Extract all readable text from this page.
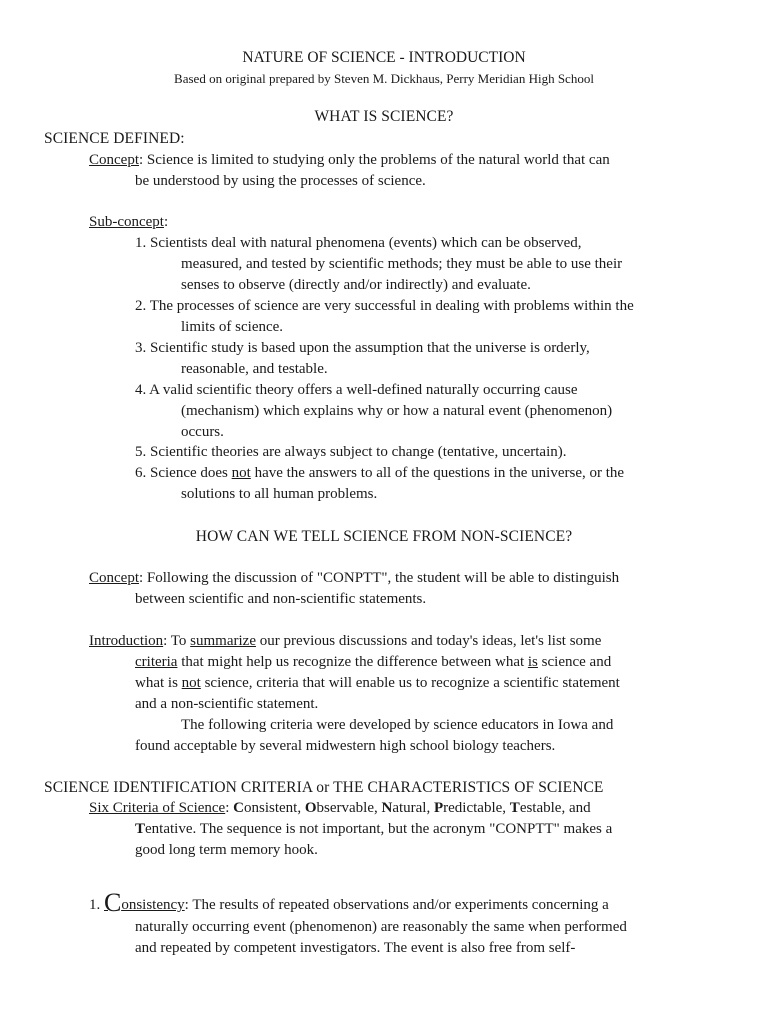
NATURE OF SCIENCE - INTRODUCTION
Based on original prepared by Steven M. Dickhaus, Perry Meridian High School
WHAT IS SCIENCE?
SCIENCE DEFINED:
Concept: Science is limited to studying only the problems of the natural world that can
be understood by using the processes of science.
Sub-concept:
1. Scientists deal with natural phenomena (events) which can be observed,
measured, and tested by scientific methods; they must be able to use their
senses to observe (directly and/or indirectly) and evaluate.
2. The processes of science are very successful in dealing with problems within the
limits of science.
3. Scientific study is based upon the assumption that the universe is orderly,
reasonable, and testable.
4. A valid scientific theory offers a well-defined naturally occurring cause
(mechanism) which explains why or how a natural event (phenomenon)
occurs.
5. Scientific theories are always subject to change (tentative, uncertain).
6. Science does not have the answers to all of the questions in the universe, or the
solutions to all human problems.
HOW CAN WE TELL SCIENCE FROM NON-SCIENCE?
Concept: Following the discussion of "CONPTT", the student will be able to distinguish
between scientific and non-scientific statements.
Introduction: To summarize our previous discussions and today's ideas, let's list some
criteria that might help us recognize the difference between what is science and
what is not science, criteria that will enable us to recognize a scientific statement
and a non-scientific statement.
The following criteria were developed by science educators in Iowa and
found acceptable by several midwestern high school biology teachers.
SCIENCE IDENTIFICATION CRITERIA or THE CHARACTERISTICS OF SCIENCE
Six Criteria of Science: Consistent, Observable, Natural, Predictable, Testable, and
Tentative. The sequence is not important, but the acronym "CONPTT" makes a
good long term memory hook.
1. Consistency: The results of repeated observations and/or experiments concerning a
naturally occurring event (phenomenon) are reasonably the same when performed
and repeated by competent investigators. The event is also free from self-
